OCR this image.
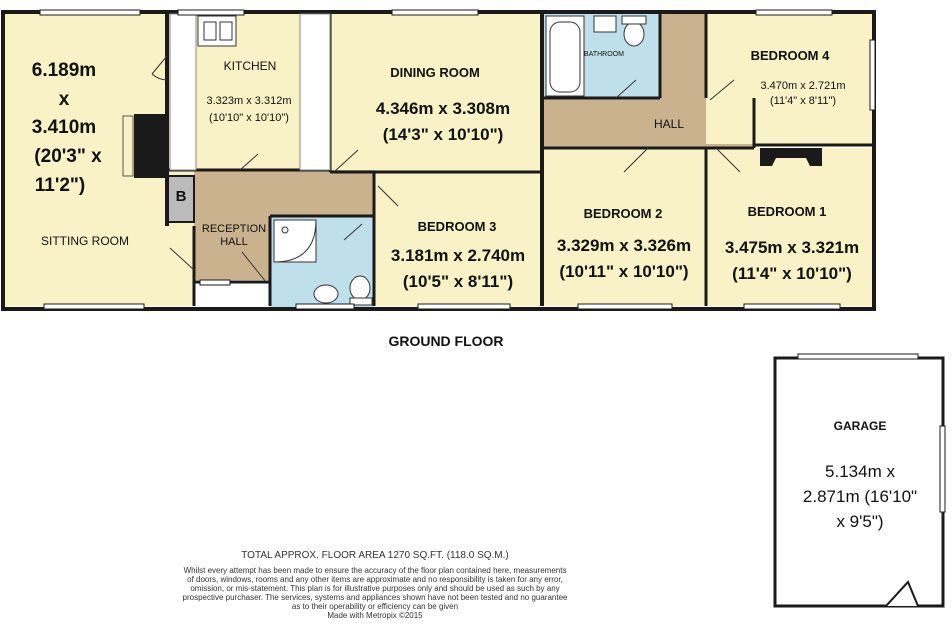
6.189m
x
3.410m
(20'3" x
11'2")
SITTING ROOM
KITCHEN
3.323m x 3.312m
(10'10" x 10'10")
DINING ROOM
4.346m x 3.308m
(14'3" x 10'10")
BATHROOM
HALL
BEDROOM 4
3.470m x 2.721m
(11'4" x 8'11")
RECEPTION
HALL
B
BEDROOM 3
3.181m x 2.740m
(10'5" x 8'11")
BEDROOM 2
3.329m x 3.326m
(10'11" x 10'10")
BEDROOM 1
3.475m x 3.321m
(11'4" x 10'10")
GROUND FLOOR
GARAGE
5.134m x
2.871m (16'10"
x 9'5")
TOTAL APPROX. FLOOR AREA 1270 SQ.FT. (118.0 SQ.M.)
Whilst every attempt has been made to ensure the accuracy of the floor plan contained here, measurements
of doors, windows, rooms and any other items are approximate and no responsibility is taken for any error,
omission, or mis-statement. This plan is for illustrative purposes only and should be used as such by any
prospective purchaser. The services, systems and appliances shown have not been tested and no guarantee
as to their operability or efficiency can be given
Made with Metropix ©2015
